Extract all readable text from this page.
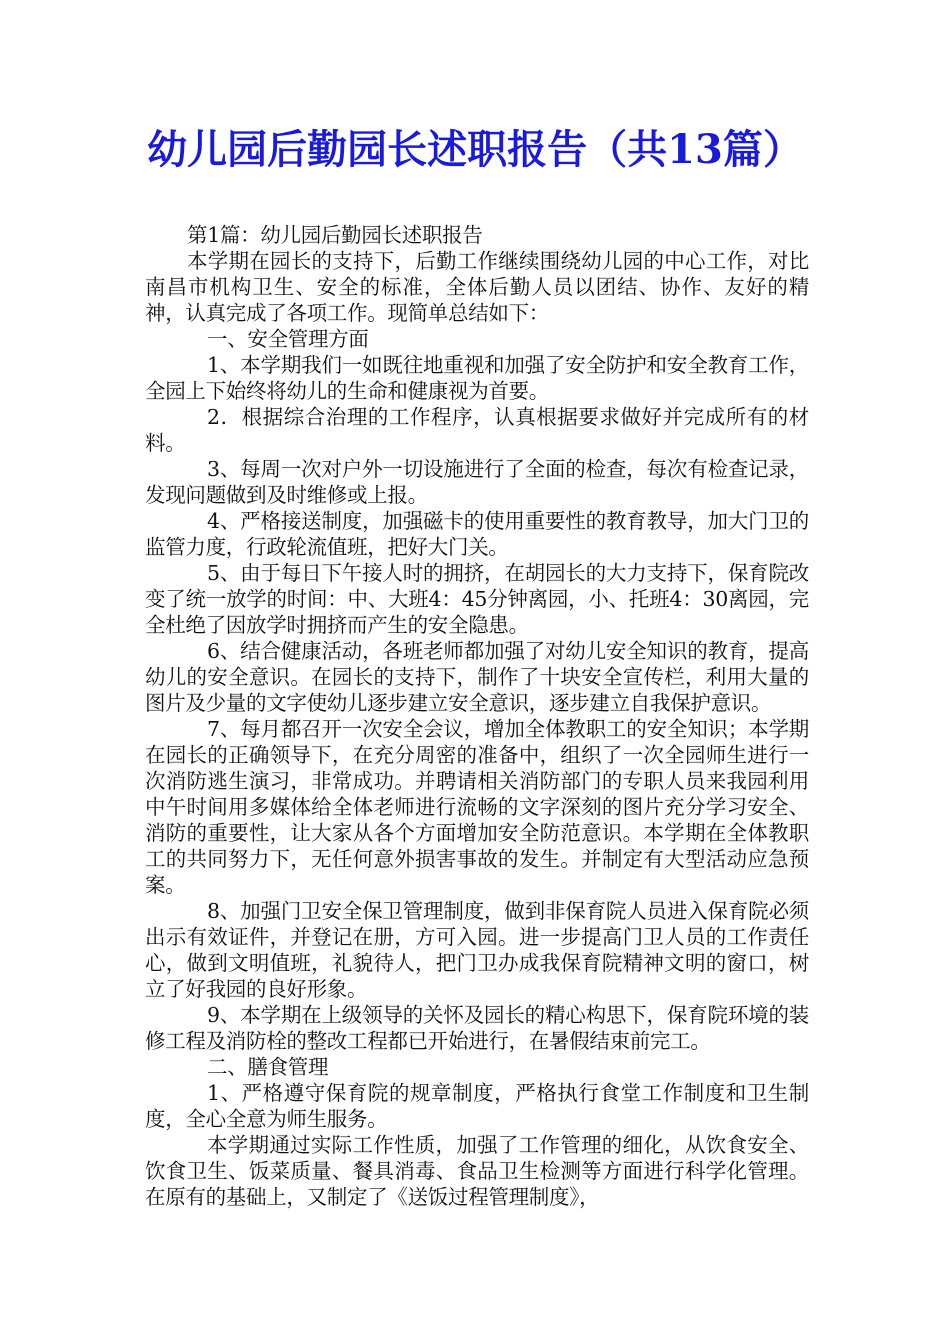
幼儿园后勤园长述职报告（共13篇）

第1篇：幼儿园后勤园长述职报告

本学期在园长的支持下，后勤工作继续围绕幼儿园的中心工作，对比南昌市机构卫生、安全的标准，全体后勤人员以团结、协作、友好的精神，认真完成了各项工作。现简单总结如下：

一、安全管理方面

1、本学期我们一如既往地重视和加强了安全防护和安全教育工作，全园上下始终将幼儿的生命和健康视为首要。

2．根据综合治理的工作程序，认真根据要求做好并完成所有的材料。

3、每周一次对户外一切设施进行了全面的检查，每次有检查记录，发现问题做到及时维修或上报。

4、严格接送制度，加强磁卡的使用重要性的教育教导，加大门卫的监管力度，行政轮流值班，把好大门关。

5、由于每日下午接人时的拥挤，在胡园长的大力支持下，保育院改变了统一放学的时间：中、大班4：45分钟离园，小、托班4：30离园，完全杜绝了因放学时拥挤而产生的安全隐患。

6、结合健康活动，各班老师都加强了对幼儿安全知识的教育，提高幼儿的安全意识。在园长的支持下，制作了十块安全宣传栏，利用大量的图片及少量的文字使幼儿逐步建立安全意识，逐步建立自我保护意识。

7、每月都召开一次安全会议，增加全体教职工的安全知识；本学期在园长的正确领导下，在充分周密的准备中，组织了一次全园师生进行一次消防逃生演习，非常成功。并聘请相关消防部门的专职人员来我园利用中午时间用多媒体给全体老师进行流畅的文字深刻的图片充分学习安全、消防的重要性，让大家从各个方面增加安全防范意识。本学期在全体教职工的共同努力下，无任何意外损害事故的发生。并制定有大型活动应急预案。

8、加强门卫安全保卫管理制度，做到非保育院人员进入保育院必须出示有效证件，并登记在册，方可入园。进一步提高门卫人员的工作责任心，做到文明值班，礼貌待人，把门卫办成我保育院精神文明的窗口，树立了好我园的良好形象。

9、本学期在上级领导的关怀及园长的精心构思下，保育院环境的装修工程及消防栓的整改工程都已开始进行，在暑假结束前完工。

二、膳食管理

1、严格遵守保育院的规章制度，严格执行食堂工作制度和卫生制度，全心全意为师生服务。

本学期通过实际工作性质，加强了工作管理的细化，从饮食安全、饮食卫生、饭菜质量、餐具消毒、食品卫生检测等方面进行科学化管理。在原有的基础上，又制定了《送饭过程管理制度》，
